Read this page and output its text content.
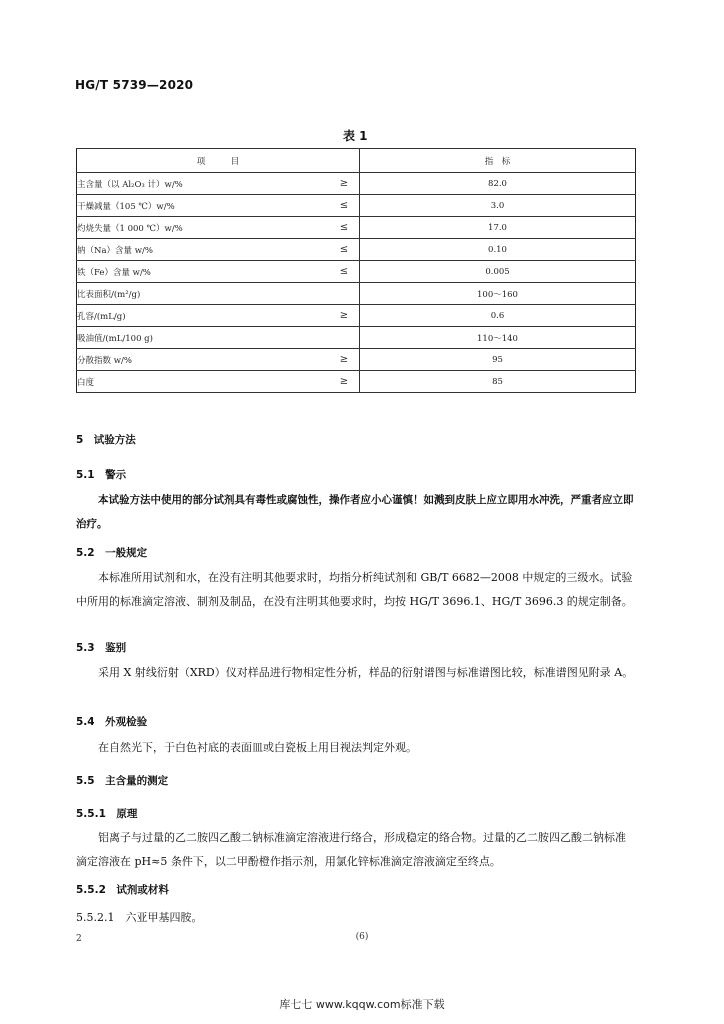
HG/T 5739—2020
表 1
项　　　目		指　标
主含量（以 Al₂O₃ 计）w/%	≥	82.0
干燥减量（105 ℃）w/%	≤	3.0
灼烧失量（1 000 ℃）w/%	≤	17.0
钠（Na）含量 w/%	≤	0.10
铁（Fe）含量 w/%	≤	0.005
比表面积/(m²/g)		100～160
孔容/(mL/g)	≥	0.6
吸油值/(mL/100 g)		110～140
分散指数 w/%	≥	95
白度	≥	85
5　试验方法
5.1　警示
本试验方法中使用的部分试剂具有毒性或腐蚀性，操作者应小心谨慎！如溅到皮肤上应立即用水冲洗，严重者应立即治疗。
5.2　一般规定
本标准所用试剂和水，在没有注明其他要求时，均指分析纯试剂和 GB/T 6682—2008 中规定的三级水。试验中所用的标准滴定溶液、制剂及制品，在没有注明其他要求时，均按 HG/T 3696.1、HG/T 3696.3 的规定制备。
5.3　鉴别
采用 X 射线衍射（XRD）仪对样品进行物相定性分析，样品的衍射谱图与标准谱图比较，标准谱图见附录 A。
5.4　外观检验
在自然光下，于白色衬底的表面皿或白瓷板上用目视法判定外观。
5.5　主含量的测定
5.5.1　原理
铝离子与过量的乙二胺四乙酸二钠标准滴定溶液进行络合，形成稳定的络合物。过量的乙二胺四乙酸二钠标准滴定溶液在 pH≈5 条件下，以二甲酚橙作指示剂，用氯化锌标准滴定溶液滴定至终点。
5.5.2　试剂或材料
5.5.2.1　六亚甲基四胺。
2	(6)
库七七 www.kqqw.com标准下载
